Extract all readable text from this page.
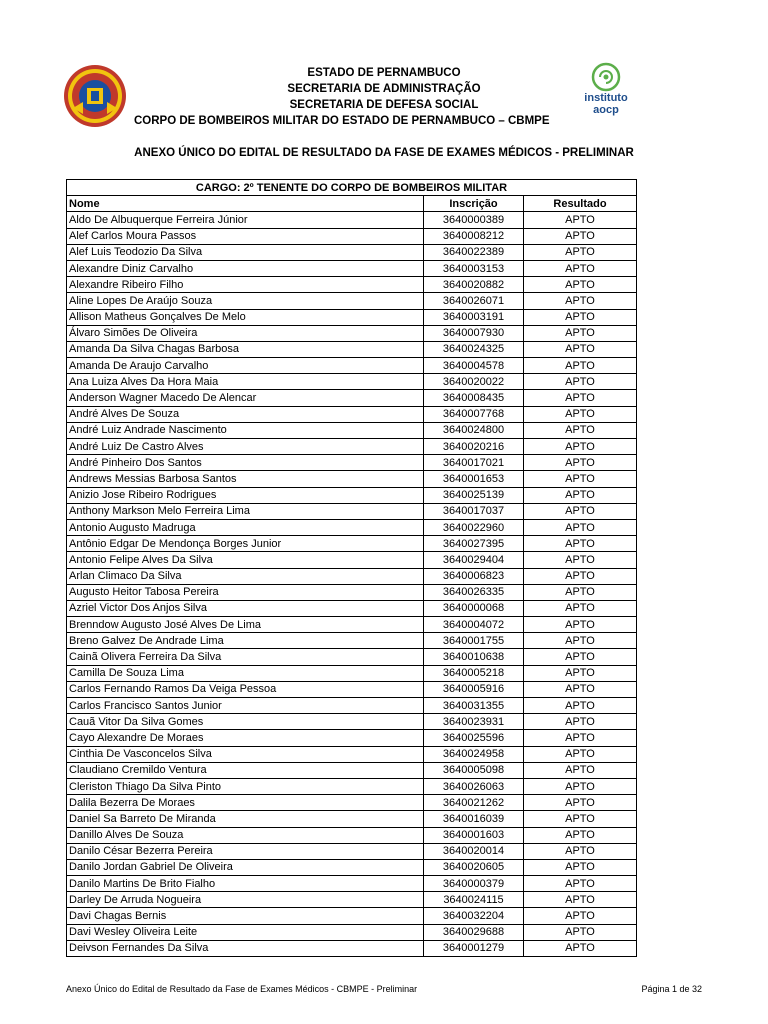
instituto
aocp
ESTADO DE PERNAMBUCO
SECRETARIA DE ADMINISTRAÇÃO
SECRETARIA DE DEFESA SOCIAL
CORPO DE BOMBEIROS MILITAR DO ESTADO DE PERNAMBUCO – CBMPE
ANEXO ÚNICO DO EDITAL DE RESULTADO DA FASE DE EXAMES MÉDICOS - PRELIMINAR
CARGO: 2º TENENTE DO CORPO DE BOMBEIROS MILITAR		
Nome	Inscrição	Resultado
Aldo De Albuquerque Ferreira Júnior	3640000389	APTO
Alef Carlos Moura Passos	3640008212	APTO
Alef Luis Teodozio Da Silva	3640022389	APTO
Alexandre Diniz Carvalho	3640003153	APTO
Alexandre Ribeiro Filho	3640020882	APTO
Aline Lopes De Araújo Souza	3640026071	APTO
Allison Matheus Gonçalves De Melo	3640003191	APTO
Álvaro Simões De Oliveira	3640007930	APTO
Amanda Da Silva Chagas Barbosa	3640024325	APTO
Amanda De Araujo Carvalho	3640004578	APTO
Ana Luiza Alves Da Hora Maia	3640020022	APTO
Anderson Wagner Macedo De Alencar	3640008435	APTO
André Alves De Souza	3640007768	APTO
André Luiz Andrade Nascimento	3640024800	APTO
André Luiz De Castro Alves	3640020216	APTO
André Pinheiro Dos Santos	3640017021	APTO
Andrews Messias Barbosa Santos	3640001653	APTO
Anizio Jose Ribeiro Rodrigues	3640025139	APTO
Anthony Markson Melo Ferreira Lima	3640017037	APTO
Antonio Augusto Madruga	3640022960	APTO
Antônio Edgar De Mendonça Borges Junior	3640027395	APTO
Antonio Felipe Alves Da Silva	3640029404	APTO
Arlan Climaco Da Silva	3640006823	APTO
Augusto Heitor Tabosa Pereira	3640026335	APTO
Azriel Victor Dos Anjos Silva	3640000068	APTO
Brenndow Augusto José Alves De Lima	3640004072	APTO
Breno Galvez De Andrade Lima	3640001755	APTO
Cainã Olivera Ferreira Da Silva	3640010638	APTO
Camilla De Souza Lima	3640005218	APTO
Carlos Fernando Ramos Da Veiga Pessoa	3640005916	APTO
Carlos Francisco Santos Junior	3640031355	APTO
Cauã Vitor Da Silva Gomes	3640023931	APTO
Cayo Alexandre De Moraes	3640025596	APTO
Cinthia De Vasconcelos Silva	3640024958	APTO
Claudiano Cremildo Ventura	3640005098	APTO
Cleriston Thiago Da Silva Pinto	3640026063	APTO
Dalila Bezerra De Moraes	3640021262	APTO
Daniel Sa Barreto De Miranda	3640016039	APTO
Danillo Alves De Souza	3640001603	APTO
Danilo César Bezerra Pereira	3640020014	APTO
Danilo Jordan Gabriel De Oliveira	3640020605	APTO
Danilo Martins De Brito Fialho	3640000379	APTO
Darley De Arruda Nogueira	3640024115	APTO
Davi Chagas Bernis	3640032204	APTO
Davi Wesley Oliveira Leite	3640029688	APTO
Deivson Fernandes Da Silva	3640001279	APTO
Anexo Único do Edital de Resultado da Fase de Exames Médicos - CBMPE - Preliminar	Página 1 de 32
